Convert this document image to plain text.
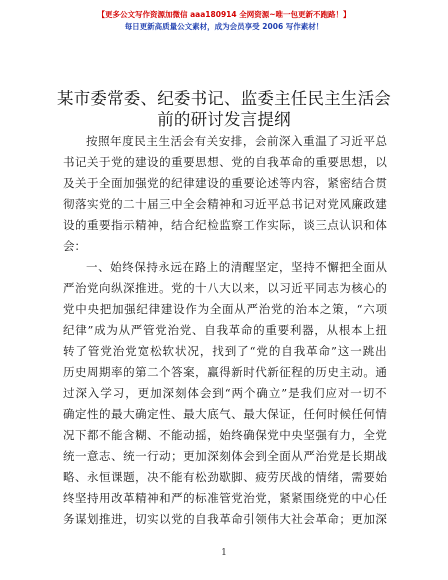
【更多公文写作资源加微信 aaa180914 全网资源~唯一包更新不跑路！】
每日更新高质量公文素材，成为会员享受 2006 写作素材！
某市委常委、纪委书记、监委主任民主生活会
前的研讨发言提纲
按 照 年 度 民 主 生 活 会 有 关 安 排 ， 会 前 深 入 重 温 了 习 近 平 总
书 记 关 于 党 的 建 设 的 重 要 思 想 、 党 的 自 我 革 命 的 重 要 思 想 ， 以
及 关 于 全 面 加 强 党 的 纪 律 建 设 的 重 要 论 述 等 内 容 ， 紧 密 结 合 贯
彻 落 实 党 的 二 十 届 三 中 全 会 精 神 和 习 近 平 总 书 记 对 党 风 廉 政 建
设 的 重 要 指 示 精 神 ， 结 合 纪 检 监 察 工 作 实 际 ， 谈 三 点 认 识 和 体
会 ：
一 、 始 终 保 持 永 远 在 路 上 的 清 醒 坚 定 ， 坚 持 不 懈 把 全 面 从
严 治 党 向 纵 深 推 进 。 党 的 十 八 大 以 来 ， 以 习 近 平 同 志 为 核 心 的
党 中 央 把 加 强 纪 律 建 设 作 为 全 面 从 严 治 党 的 治 本 之 策 ， “ 六 项
纪 律 ” 成 为 从 严 管 党 治 党 、 自 我 革 命 的 重 要 利 器 ， 从 根 本 上 扭
转 了 管 党 治 党 宽 松 软 状 况 ， 找 到 了 “ 党 的 自 我 革 命 ” 这 一 跳 出
历 史 周 期 率 的 第 二 个 答 案 ， 赢 得 新 时 代 新 征 程 的 历 史 主 动 。 通
过 深 入 学 习 ， 更 加 深 刻 体 会 到 “ 两 个 确 立 ” 是 我 们 应 对 一 切 不
确 定 性 的 最 大 确 定 性 、 最 大 底 气 、 最 大 保 证 ， 任 何 时 候 任 何 情
况 下 都 不 能 含 糊 、 不 能 动 摇 ， 始 终 确 保 党 中 央 坚 强 有 力 ， 全 党
统 一 意 志 、 统 一 行 动 ； 更 加 深 刻 体 会 到 全 面 从 严 治 党 是 长 期 战
略 、 永 恒 课 题 ， 决 不 能 有 松 劲 歇 脚 、 疲 劳 厌 战 的 情 绪 ， 需 要 始
终 坚 持 用 改 革 精 神 和 严 的 标 准 管 党 治 党 ， 紧 紧 围 绕 党 的 中 心 任
务 谋 划 推 进 ， 切 实 以 党 的 自 我 革 命 引 领 伟 大 社 会 革 命 ； 更 加 深
1
